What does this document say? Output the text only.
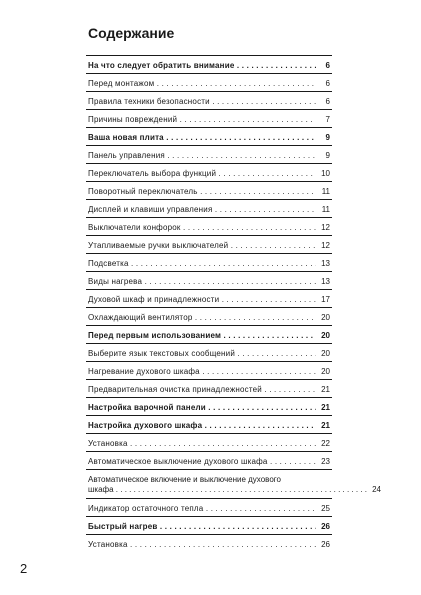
Содержание
На что следует обратить внимание . . .	6
Перед монтажом . . .	6
Правила техники безопасности . . .	6
Причины повреждений . . .	7
Ваша новая плита . . .	9
Панель управления . . .	9
Переключатель выбора функций . . .	10
Поворотный переключатель . . .	11
Дисплей и клавиши управления . . .	11
Выключатели конфорок . . .	12
Утапливаемые ручки выключателей . . .	12
Подсветка . . .	13
Виды нагрева . . .	13
Духовой шкаф и принадлежности . . .	17
Охлаждающий вентилятор . . .	20
Перед первым использованием . . .	20
Выберите язык текстовых сообщений . . .	20
Нагревание духового шкафа . . .	20
Предварительная очистка принадлежностей . . .	21
Настройка варочной панели . . .	21
Настройка духового шкафа . . .	21
Установка . . .	22
Автоматическое выключение духового шкафа . . .	23
Автоматическое включение и выключение духового
шкафа . . .	24
Индикатор остаточного тепла . . .	25
Быстрый нагрев . . .	26
Установка . . .	26
2
